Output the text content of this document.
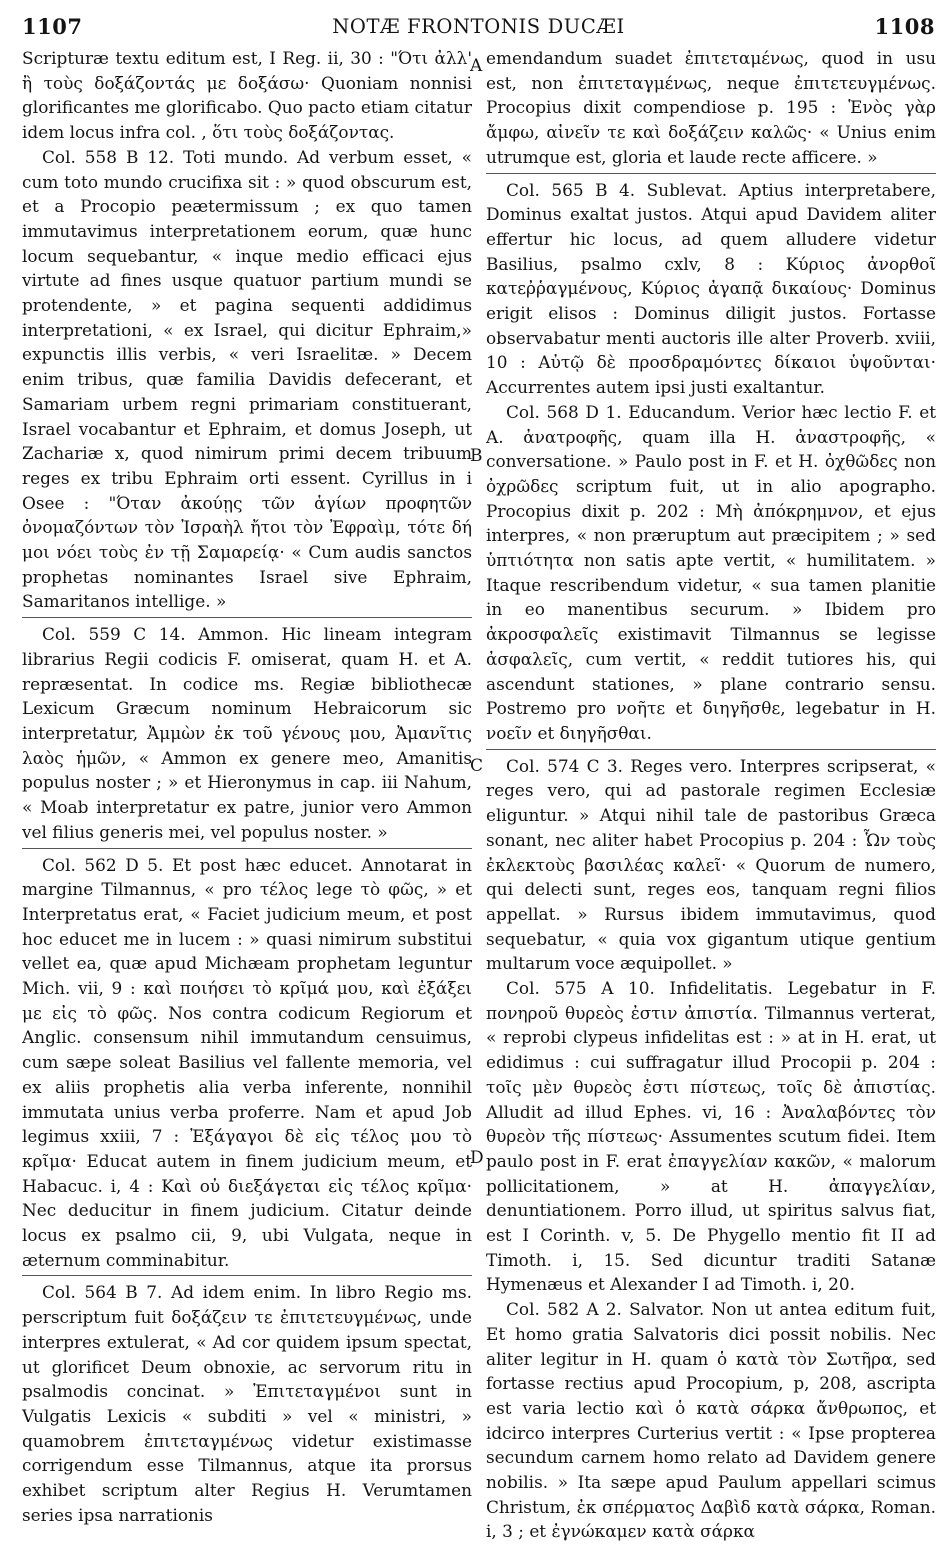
1107	NOTÆ FRONTONIS DUCÆI	1108
A
B
C
D

Scripturæ textu editum est, I Reg. ii, 30 : "Ότι ἀλλ' ἢ τοὺς δοξάζοντάς με δοξάσω· Quoniam nonnisi glorificantes me glorificabo. Quo pacto etiam citatur idem locus infra col. , ὅτι τοὺς δοξάζοντας.

Col. 558 B 12. Toti mundo. Ad verbum esset, « cum toto mundo crucifixa sit : » quod obscurum est, et a Procopio peætermissum ; ex quo tamen immutavimus interpretationem eorum, quæ hunc locum sequebantur, « inque medio efficaci ejus virtute ad fines usque quatuor partium mundi se protendente, » et pagina sequenti addidimus interpretationi, « ex Israel, qui dicitur Ephraim,» expunctis illis verbis, « veri Israelitæ. » Decem enim tribus, quæ familia Davidis defecerant, et Samariam urbem regni primariam constituerant, Israel vocabantur et Ephraim, et domus Joseph, ut Zachariæ x, quod nimirum primi decem tribuum reges ex tribu Ephraim orti essent. Cyrillus in i Osee : "Όταν ἀκούῃς τῶν ἁγίων προφητῶν ὀνομαζόντων τὸν Ἰσραὴλ ἤτοι τὸν Ἐφραὶμ, τότε δή μοι νόει τοὺς ἐν τῇ Σαμαρείᾳ· « Cum audis sanctos prophetas nominantes Israel sive Ephraim, Samaritanos intellige. »

Col. 559 C 14. Ammon. Hic lineam integram librarius Regii codicis F. omiserat, quam H. et A. repræsentat. In codice ms. Regiæ bibliothecæ Lexicum Græcum nominum Hebraicorum sic interpretatur, Ἀμμὼν ἐκ τοῦ γένους μου, Ἀμανῖτις λαὸς ἡμῶν, « Ammon ex genere meo, Amanitis populus noster ; » et Hieronymus in cap. iii Nahum, « Moab interpretatur ex patre, junior vero Ammon vel filius generis mei, vel populus noster. »

Col. 562 D 5. Et post hæc educet. Annotarat in margine Tilmannus, « pro τέλος lege τὸ φῶς, » et Interpretatus erat, « Faciet judicium meum, et post hoc educet me in lucem : » quasi nimirum substitui vellet ea, quæ apud Michæam prophetam leguntur Mich. vii, 9 : καὶ ποιήσει τὸ κρῖμά μου, καὶ ἐξάξει με εἰς τὸ φῶς. Nos contra codicum Regiorum et Anglic. consensum nihil immutandum censuimus, cum sæpe soleat Basilius vel fallente memoria, vel ex aliis prophetis alia verba inferente, nonnihil immutata unius verba proferre. Nam et apud Job legimus xxiii, 7 : Ἐξάγαγοι δὲ εἰς τέλος μου τὸ κρῖμα· Educat autem in finem judicium meum, et Habacuc. i, 4 : Καὶ οὐ διεξάγεται εἰς τέλος κρῖμα· Nec deducitur in finem judicium. Citatur deinde locus ex psalmo cii, 9, ubi Vulgata, neque in æternum comminabitur.

Col. 564 B 7. Ad idem enim. In libro Regio ms. perscriptum fuit δοξάζειν τε ἐπιτετευγμένως, unde interpres extulerat, « Ad cor quidem ipsum spectat, ut glorificet Deum obnoxie, ac servorum ritu in psalmodis concinat. » Ἐπιτεταγμένοι sunt in Vulgatis Lexicis « subditi » vel « ministri, » quamobrem ἐπιτεταγμένως videtur existimasse corrigendum esse Tilmannus, atque ita prorsus exhibet scriptum alter Regius H. Verumtamen series ipsa narrationis

emendandum suadet ἐπιτεταμένως, quod in usu est, non ἐπιτεταγμένως, neque ἐπιτετευγμένως. Procopius dixit compendiose p. 195 : Ἑνὸς γὰρ ἄμφω, αἰνεῖν τε καὶ δοξάζειν καλῶς· « Unius enim utrumque est, gloria et laude recte afficere. »

Col. 565 B 4. Sublevat. Aptius interpretabere, Dominus exaltat justos. Atqui apud Davidem aliter effertur hic locus, ad quem alludere videtur Basilius, psalmo cxlv, 8 : Κύριος ἀνορθοῖ κατεῤῥαγμένους, Κύριος ἀγαπᾷ δικαίους· Dominus erigit elisos : Dominus diligit justos. Fortasse observabatur menti auctoris ille alter Proverb. xviii, 10 : Αὐτῷ δὲ προσδραμόντες δίκαιοι ὑψοῦνται· Accurrentes autem ipsi justi exaltantur.

Col. 568 D 1. Educandum. Verior hæc lectio F. et A. ἀνατροφῆς, quam illa H. ἀναστροφῆς, « conversatione. » Paulo post in F. et H. ὀχθῶδες non ὀχρῶδες scriptum fuit, ut in alio apographo. Procopius dixit p. 202 : Μὴ ἀπόκρημνον, et ejus interpres, « non præruptum aut præcipitem ; » sed ὑπτιότητα non satis apte vertit, « humilitatem. » Itaque rescribendum videtur, « sua tamen planitie in eo manentibus securum. » Ibidem pro ἀκροσφαλεῖς existimavit Tilmannus se legisse ἀσφαλεῖς, cum vertit, « reddit tutiores his, qui ascendunt stationes, » plane contrario sensu. Postremo pro νοῆτε et διηγῆσθε, legebatur in H. νοεῖν et διηγῆσθαι.

Col. 574 C 3. Reges vero. Interpres scripserat, « reges vero, qui ad pastorale regimen Ecclesiæ eliguntur. » Atqui nihil tale de pastoribus Græca sonant, nec aliter habet Procopius p. 204 : Ὧν τοὺς ἐκλεκτοὺς βασιλέας καλεῖ· « Quorum de numero, qui delecti sunt, reges eos, tanquam regni filios appellat. » Rursus ibidem immutavimus, quod sequebatur, « quia vox gigantum utique gentium multarum voce æquipollet. »

Col. 575 A 10. Infidelitatis. Legebatur in F. πονηροῦ θυρεὸς ἐστιν ἀπιστία. Tilmannus verterat, « reprobi clypeus infidelitas est : » at in H. erat, ut edidimus : cui suffragatur illud Procopii p. 204 : τοῖς μὲν θυρεὸς ἐστι πίστεως, τοῖς δὲ ἀπιστίας. Alludit ad illud Ephes. vi, 16 : Ἀναλαβόντες τὸν θυρεὸν τῆς πίστεως· Assumentes scutum fidei. Item paulo post in F. erat ἐπαγγελίαν κακῶν, « malorum pollicitationem, » at H. ἀπαγγελίαν, denuntiationem. Porro illud, ut spiritus salvus fiat, est I Corinth. v, 5. De Phygello mentio fit II ad Timoth. i, 15. Sed dicuntur traditi Satanæ Hymenæus et Alexander I ad Timoth. i, 20.

Col. 582 A 2. Salvator. Non ut antea editum fuit, Et homo gratia Salvatoris dici possit nobilis. Nec aliter legitur in H. quam ὁ κατὰ τὸν Σωτῆρα, sed fortasse rectius apud Procopium, p, 208, ascripta est varia lectio καὶ ὁ κατὰ σάρκα ἄνθρωπος, et idcirco interpres Curterius vertit : « Ipse propterea secundum carnem homo relato ad Davidem genere nobilis. » Ita sæpe apud Paulum appellari scimus Christum, ἐκ σπέρματος Δαβὶδ κατὰ σάρκα, Roman. i, 3 ; et ἐγνώκαμεν κατὰ σάρκα
